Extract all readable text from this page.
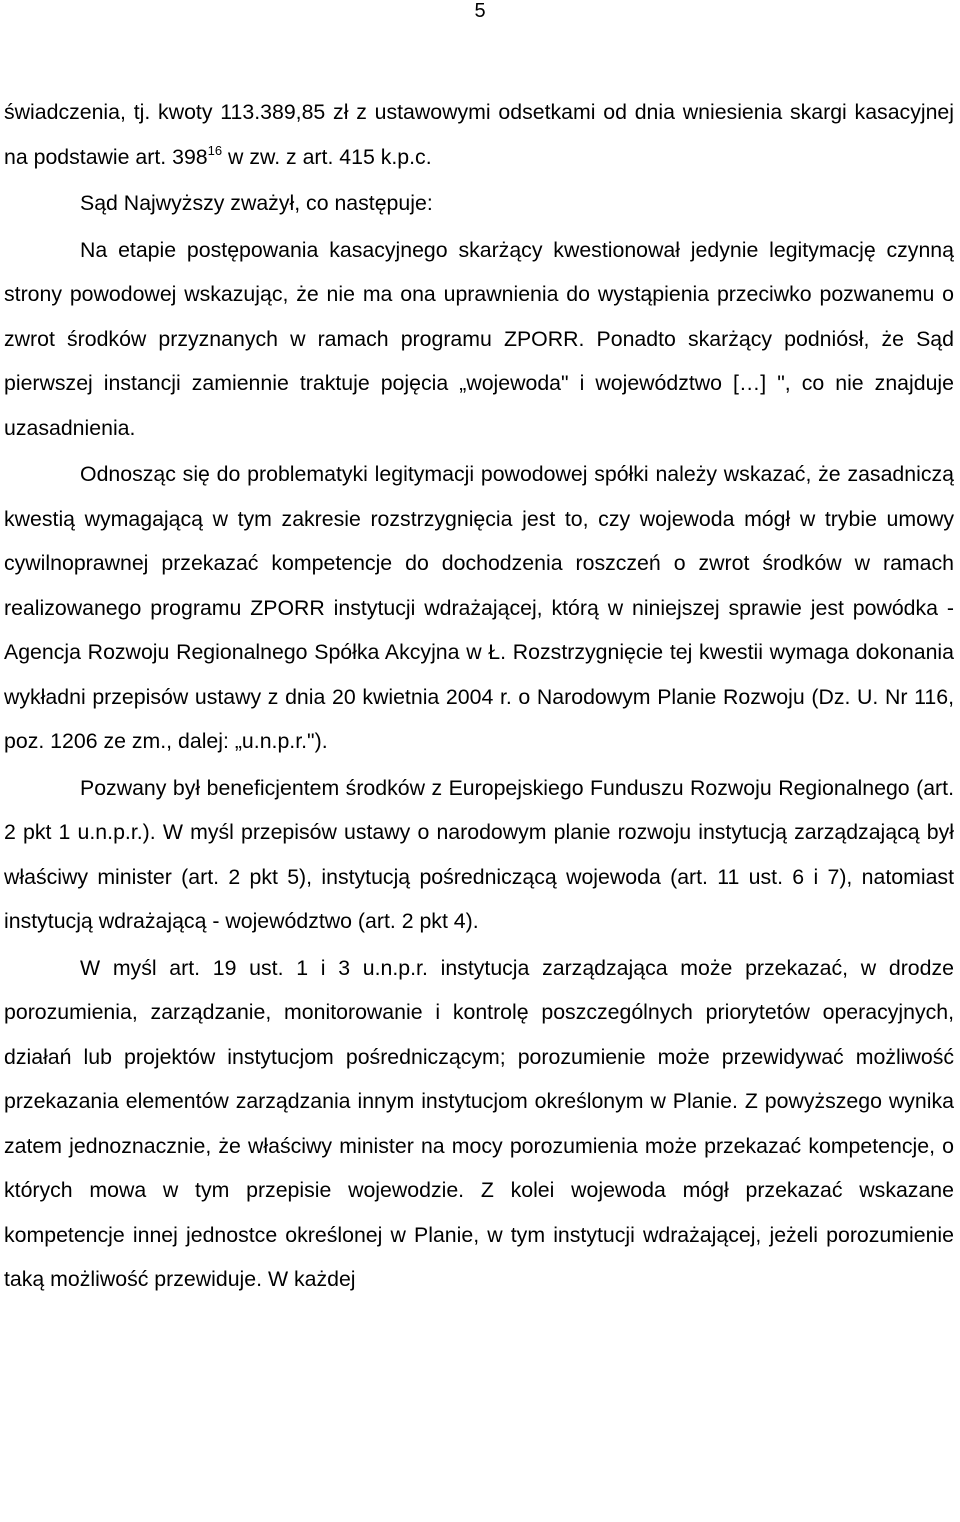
5

świadczenia, tj. kwoty 113.389,85 zł z ustawowymi odsetkami od dnia wniesienia skargi kasacyjnej na podstawie art. $398^{16}$ w zw. z art. 415 k.p.c.

Sąd Najwyższy zważył, co następuje:

Na etapie postępowania kasacyjnego skarżący kwestionował jedynie legitymację czynną strony powodowej wskazując, że nie ma ona uprawnienia do wystąpienia przeciwko pozwanemu o zwrot środków przyznanych w ramach programu ZPORR. Ponadto skarżący podniósł, że Sąd pierwszej instancji zamiennie traktuje pojęcia „wojewoda" i województwo […] ", co nie znajduje uzasadnienia.

Odnosząc się do problematyki legitymacji powodowej spółki należy wskazać, że zasadniczą kwestią wymagającą w tym zakresie rozstrzygnięcia jest to, czy wojewoda mógł w trybie umowy cywilnoprawnej przekazać kompetencje do dochodzenia roszczeń o zwrot środków w ramach realizowanego programu ZPORR instytucji wdrażającej, którą w niniejszej sprawie jest powódka - Agencja Rozwoju Regionalnego Spółka Akcyjna w Ł. Rozstrzygnięcie tej kwestii wymaga dokonania wykładni przepisów ustawy z dnia 20 kwietnia 2004 r. o Narodowym Planie Rozwoju (Dz. U. Nr 116, poz. 1206 ze zm., dalej: „u.n.p.r.").

Pozwany był beneficjentem środków z Europejskiego Funduszu Rozwoju Regionalnego (art. 2 pkt 1 u.n.p.r.). W myśl przepisów ustawy o narodowym planie rozwoju instytucją zarządzającą był właściwy minister (art. 2 pkt 5), instytucją pośredniczącą wojewoda (art. 11 ust. 6 i 7), natomiast instytucją wdrażającą - województwo (art. 2 pkt 4).

W myśl art. 19 ust. 1 i 3 u.n.p.r. instytucja zarządzająca może przekazać, w drodze porozumienia, zarządzanie, monitorowanie i kontrolę poszczególnych priorytetów operacyjnych, działań lub projektów instytucjom pośredniczącym; porozumienie może przewidywać możliwość przekazania elementów zarządzania innym instytucjom określonym w Planie. Z powyższego wynika zatem jednoznacznie, że właściwy minister na mocy porozumienia może przekazać kompetencje, o których mowa w tym przepisie wojewodzie. Z kolei wojewoda mógł przekazać wskazane kompetencje innej jednostce określonej w Planie, w tym instytucji wdrażającej, jeżeli porozumienie taką możliwość przewiduje. W każdej
